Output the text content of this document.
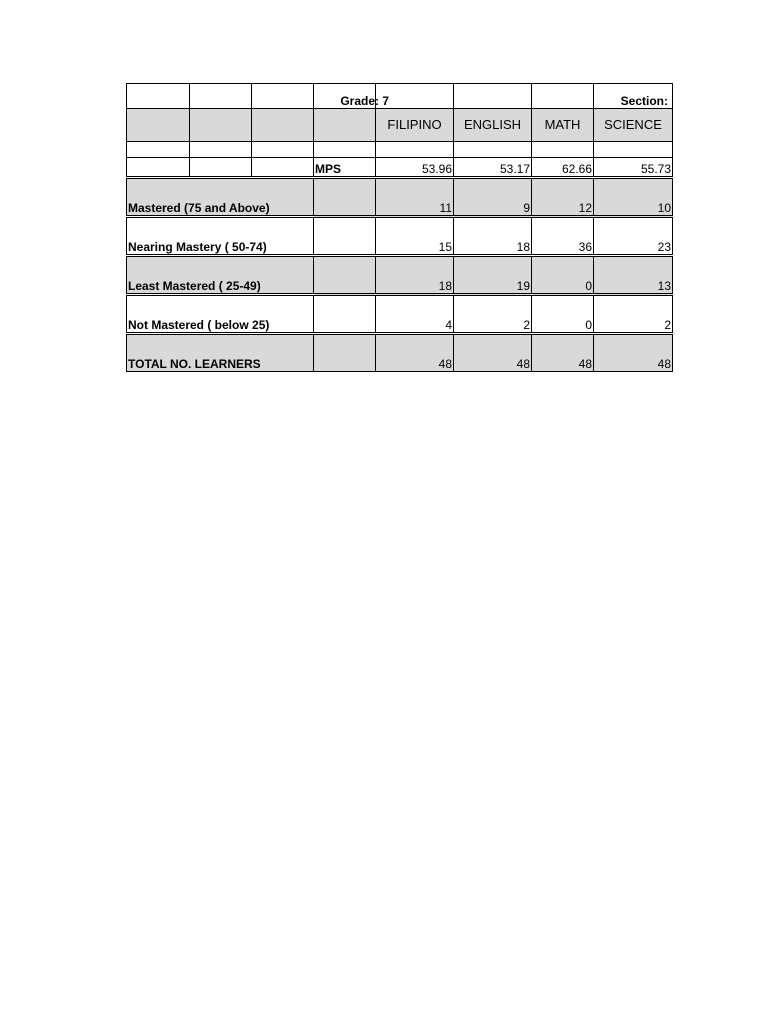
			Grade: 7				Section:
				FILIPINO	ENGLISH	MATH	SCIENCE

			MPS	53.96	53.17	62.66	55.73
Mastered (75 and Above)				11	9	12	10
Nearing Mastery ( 50-74)				15	18	36	23
Least Mastered ( 25-49)				18	19	0	13
Not Mastered ( below 25)				4	2	0	2
TOTAL NO. LEARNERS				48	48	48	48
